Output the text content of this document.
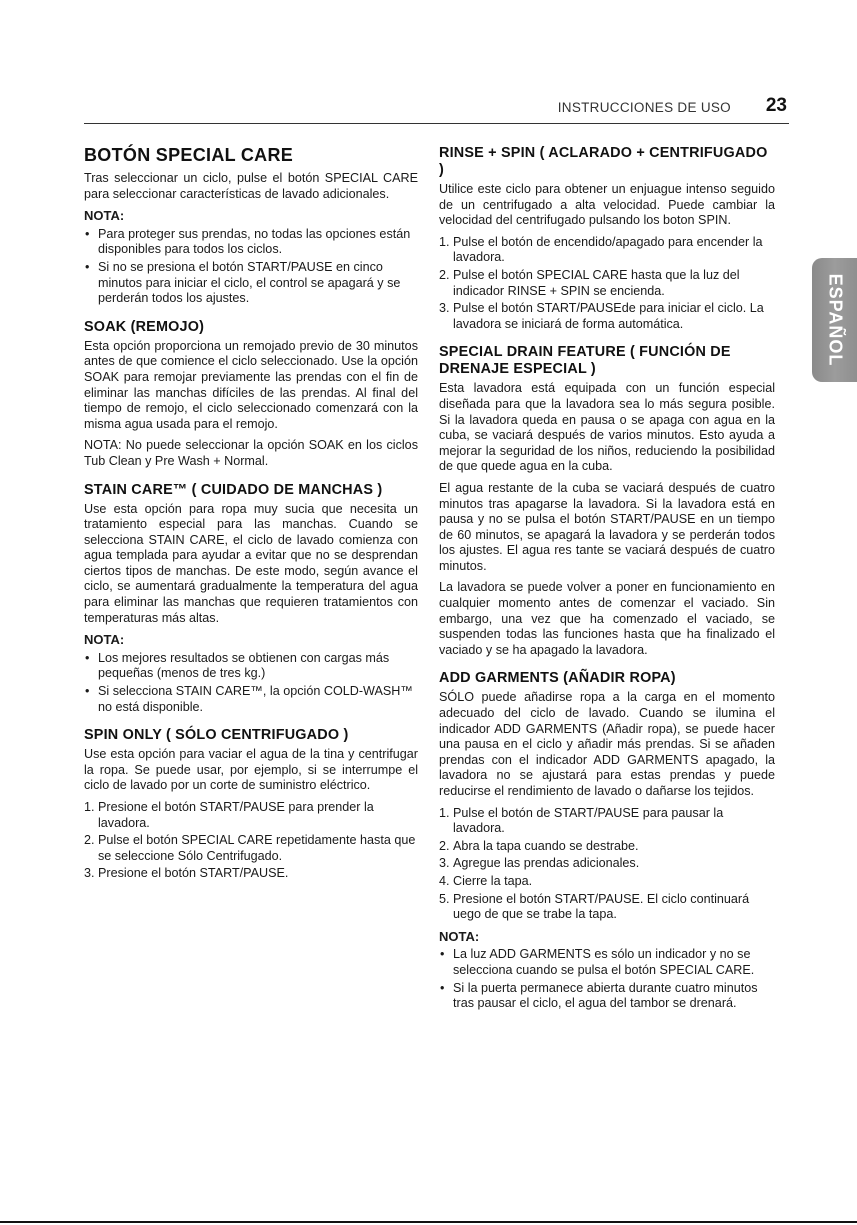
INSTRUCCIONES DE USO 23
ESPAÑOL
BOTÓN SPECIAL CARE

Tras seleccionar un ciclo, pulse el botón SPECIAL CARE para seleccionar características de lavado adicionales.

NOTA:
• Para proteger sus prendas, no todas las opciones están disponibles para todos los ciclos.
• Si no se presiona el botón START/PAUSE en cinco minutos para iniciar el ciclo, el control se apagará y se perderán todos los ajustes.
SOAK (REMOJO)

Esta opción proporciona un remojado previo de 30 minutos antes de que comience el ciclo seleccionado. Use la opción SOAK para remojar previamente las prendas con el fin de eliminar las manchas difíciles de las prendas. Al final del tiempo de remojo, el ciclo seleccionado comenzará con la misma agua usada para el remojo.

NOTA: No puede seleccionar la opción SOAK en los ciclos Tub Clean y Pre Wash + Normal.

STAIN CARE™ ( CUIDADO DE MANCHAS )

Use esta opción para ropa muy sucia que necesita un tratamiento especial para las manchas. Cuando se selecciona STAIN CARE, el ciclo de lavado comienza con agua templada para ayudar a evitar que no se desprendan ciertos tipos de manchas. De este modo, según avance el ciclo, se aumentará gradualmente la temperatura del agua para eliminar las manchas que requieren tratamientos con temperaturas más altas.

NOTA:
• Los mejores resultados se obtienen con cargas más pequeñas (menos de tres kg.)
• Si selecciona STAIN CARE™, la opción COLD-WASH™ no está disponible.
SPIN ONLY ( SÓLO CENTRIFUGADO )

Use esta opción para vaciar el agua de la tina y centrifugar la ropa. Se puede usar, por ejemplo, si se interrumpe el ciclo de lavado por un corte de suministro eléctrico.

1. Presione el botón START/PAUSE para prender la lavadora.
2. Pulse el botón SPECIAL CARE repetidamente hasta que se seleccione Sólo Centrifugado.
3. Presione el botón START/PAUSE.
RINSE + SPIN ( ACLARADO + CENTRIFUGADO )

Utilice este ciclo para obtener un enjuague intenso seguido de un centrifugado a alta velocidad. Puede cambiar la velocidad del centrifugado pulsando los boton SPIN.

1. Pulse el botón de encendido/apagado para encender la lavadora.
2. Pulse el botón SPECIAL CARE hasta que la luz del indicador RINSE + SPIN se encienda.
3. Pulse el botón START/PAUSEde para iniciar el ciclo. La lavadora se iniciará de forma automática.
SPECIAL DRAIN FEATURE ( FUNCIÓN DE DRENAJE ESPECIAL )

Esta lavadora está equipada con un función especial diseñada para que la lavadora sea lo más segura posible. Si la lavadora queda en pausa o se apaga con agua en la cuba, se vaciará después de varios minutos. Esto ayuda a mejorar la seguridad de los niños, reduciendo la posibilidad de que quede agua en la cuba.

El agua restante de la cuba se vaciará después de cuatro minutos tras apagarse la lavadora. Si la lavadora está en pausa y no se pulsa el botón START/PAUSE en un tiempo de 60 minutos, se apagará la lavadora y se perderán todos los ajustes. El agua res tante se vaciará después de cuatro minutos.

La lavadora se puede volver a poner en funcionamiento en cualquier momento antes de comenzar el vaciado. Sin embargo, una vez que ha comenzado el vaciado, se suspenden todas las funciones hasta que ha finalizado el vaciado y se ha apagado la lavadora.

ADD GARMENTS (AÑADIR ROPA)

SÓLO puede añadirse ropa a la carga en el momento adecuado del ciclo de lavado. Cuando se ilumina el indicador ADD GARMENTS (Añadir ropa), se puede hacer una pausa en el ciclo y añadir más prendas. Si se añaden prendas con el indicador ADD GARMENTS apagado, la lavadora no se ajustará para estas prendas y puede reducirse el rendimiento de lavado o dañarse los tejidos.

1. Pulse el botón de START/PAUSE para pausar la lavadora.
2. Abra la tapa cuando se destrabe.
3. Agregue las prendas adicionales.
4. Cierre la tapa.
5. Presione el botón START/PAUSE. El ciclo continuará uego de que se trabe la tapa.
NOTA:
• La luz ADD GARMENTS es sólo un indicador y no se selecciona cuando se pulsa el botón SPECIAL CARE.
• Si la puerta permanece abierta durante cuatro minutos tras pausar el ciclo, el agua del tambor se drenará.
